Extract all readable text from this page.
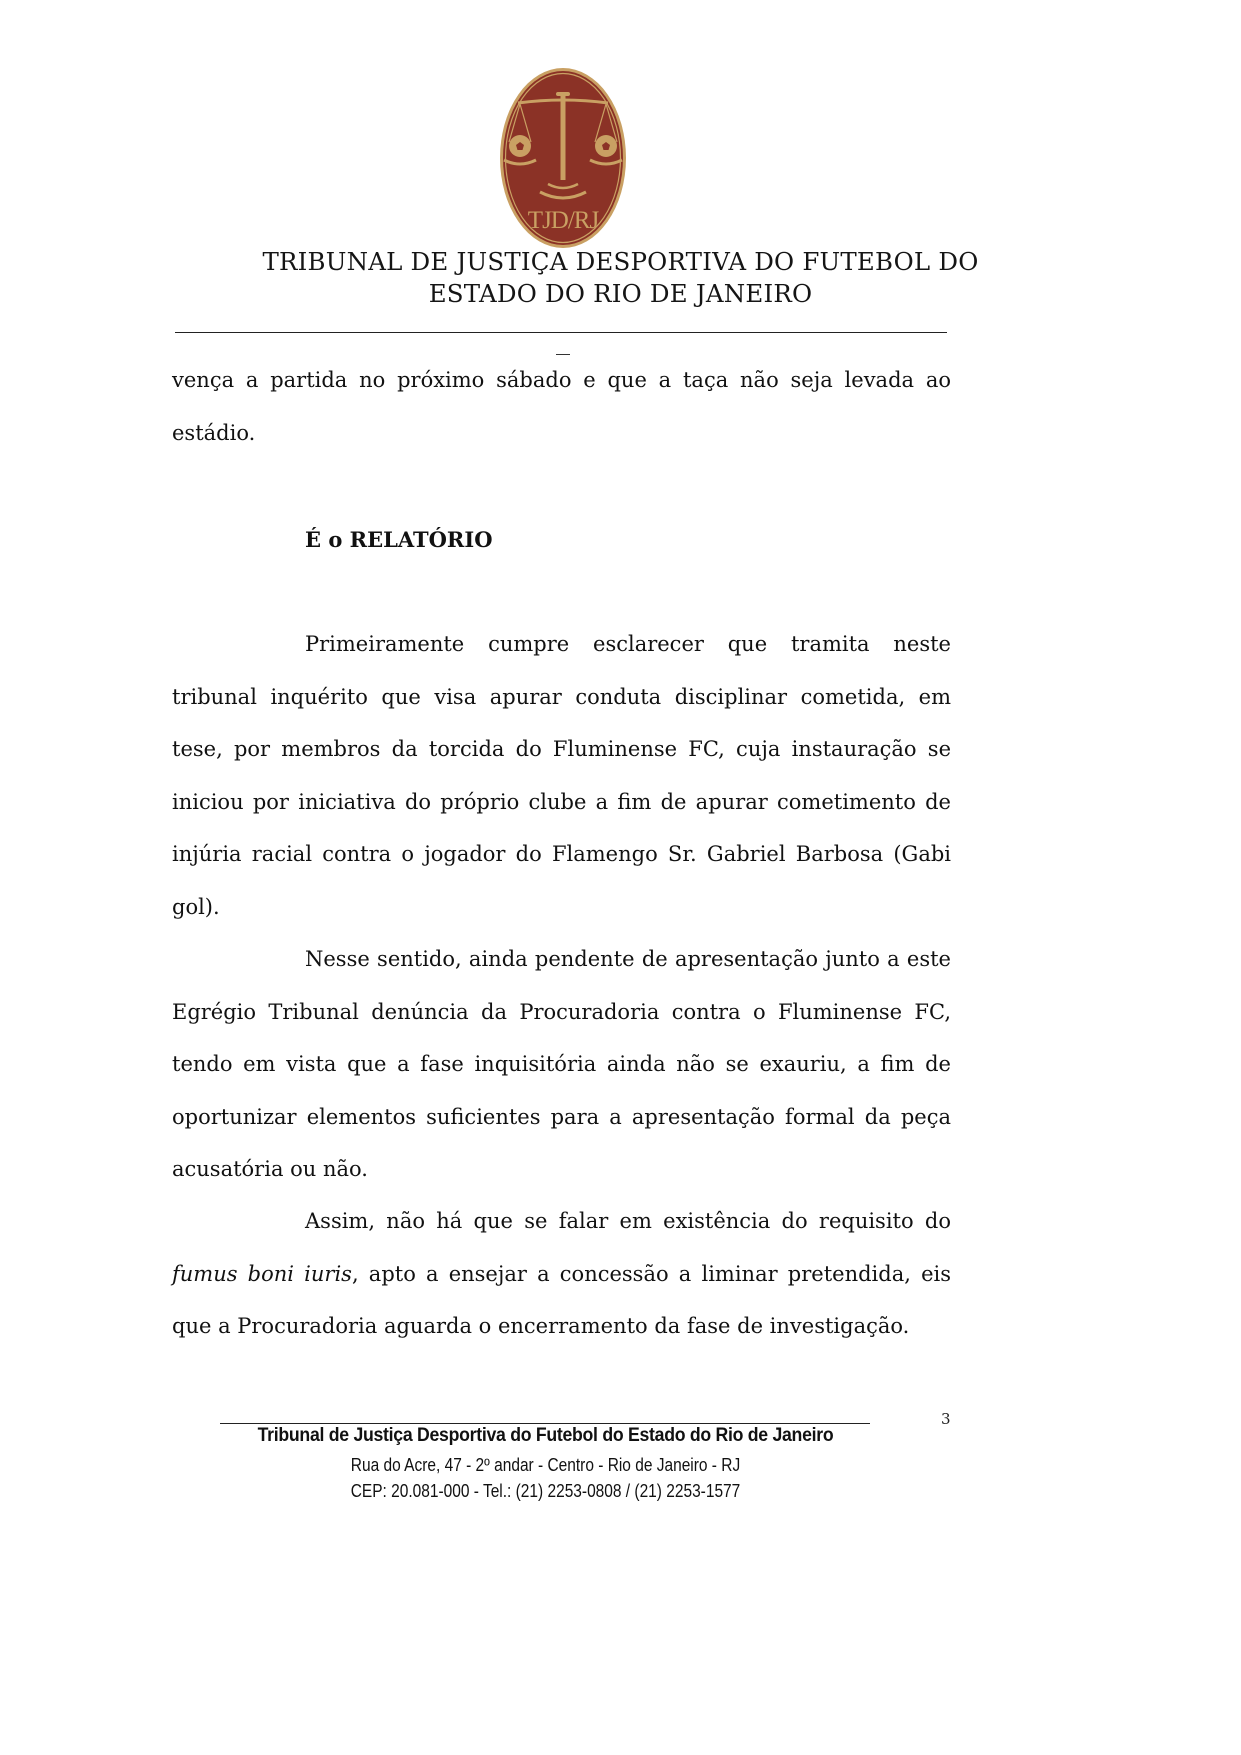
TJD/RJ
TRIBUNAL DE JUSTIÇA DESPORTIVA DO FUTEBOL DO
ESTADO DO RIO DE JANEIRO
vença a partida no próximo sábado e que a taça não seja levada ao
estádio.
É o RELATÓRIO
Primeiramente cumpre esclarecer que tramita neste
tribunal inquérito que visa apurar conduta disciplinar cometida, em
tese, por membros da torcida do Fluminense FC, cuja instauração se
iniciou por iniciativa do próprio clube a fim de apurar cometimento de
injúria racial contra o jogador do Flamengo Sr. Gabriel Barbosa (Gabi
gol).
Nesse sentido, ainda pendente de apresentação junto a este
Egrégio Tribunal denúncia da Procuradoria contra o Fluminense FC,
tendo em vista que a fase inquisitória ainda não se exauriu, a fim de
oportunizar elementos suficientes para a apresentação formal da peça
acusatória ou não.
Assim, não há que se falar em existência do requisito do
fumus boni iuris, apto a ensejar a concessão a liminar pretendida, eis
que a Procuradoria aguarda o encerramento da fase de investigação.
3
Tribunal de Justiça Desportiva do Futebol do Estado do Rio de Janeiro
Rua do Acre, 47 - 2º andar - Centro - Rio de Janeiro - RJ
CEP: 20.081-000 - Tel.: (21) 2253-0808 / (21) 2253-1577
